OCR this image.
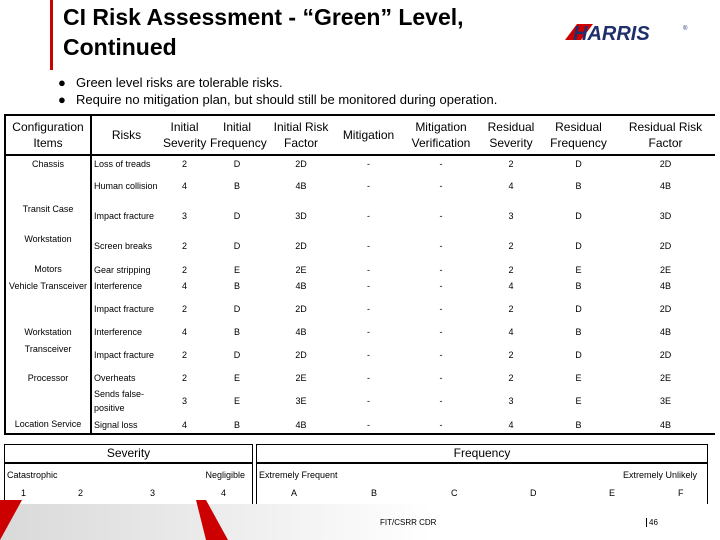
CI Risk Assessment - “Green” Level, Continued	HARRIS	®
● Green level risks are tolerable risks.
● Require no mitigation plan, but should still be monitored during operation.
Configuration Items	Risks	Initial Severity	Initial Frequency	Initial Risk Factor	Mitigation	Mitigation Verification	Residual Severity	Residual Frequency	Residual Risk Factor
Chassis	Loss of treads	2	D	2D	-	-	2	D	2D
	Human collision	4	B	4B	-	-	4	B	4B
Transit Case	Impact fracture	3	D	3D	-	-	3	D	3D
Workstation	Screen breaks	2	D	2D	-	-	2	D	2D
Motors	Gear stripping	2	E	2E	-	-	2	E	2E
Vehicle Transceiver	Interference	4	B	4B	-	-	4	B	4B
	Impact fracture	2	D	2D	-	-	2	D	2D
Workstation Transceiver	Interference	4	B	4B	-	-	4	B	4B
	Impact fracture	2	D	2D	-	-	2	D	2D
Processor	Overheats	2	E	2E	-	-	2	E	2E
	Sends false-positive	3	E	3E	-	-	3	E	3E
Location Service	Signal loss	4	B	4B	-	-	4	B	4B
Severity	Frequency
Catastrophic	Negligible
1	2	3	4
Extremely Frequent	Extremely Unlikely
A	B	C	D	E	F
FIT/CSRR CDR	46
